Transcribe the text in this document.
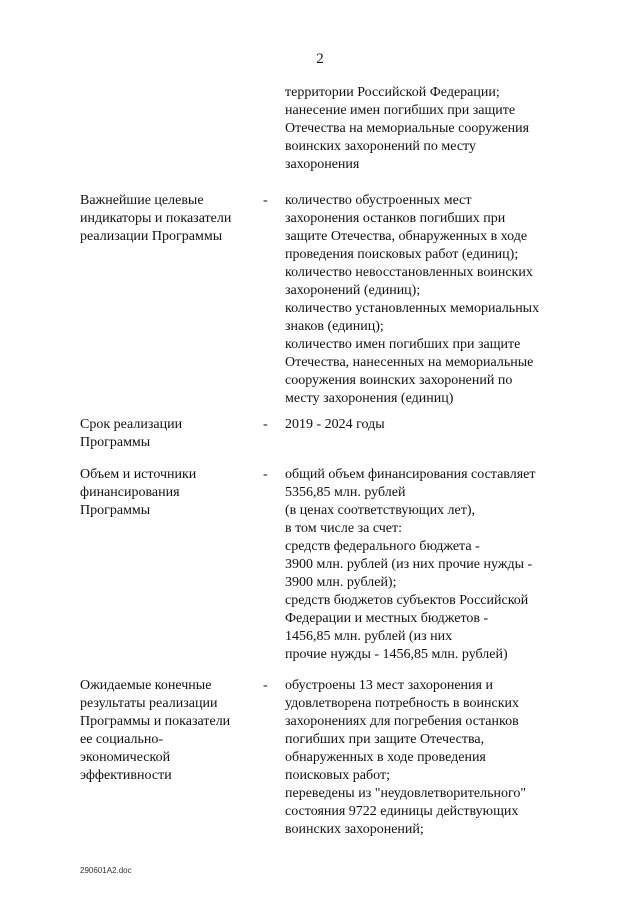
2
территории Российской Федерации;
нанесение имен погибших при защите
Отечества на мемориальные сооружения
воинских захоронений по месту
захоронения
Важнейшие целевые
индикаторы и показатели
реализации Программы
- количество обустроенных мест
захоронения останков погибших при
защите Отечества, обнаруженных в ходе
проведения поисковых работ (единиц);
количество невосстановленных воинских
захоронений (единиц);
количество установленных мемориальных
знаков (единиц);
количество имен погибших при защите
Отечества, нанесенных на мемориальные
сооружения воинских захоронений по
месту захоронения (единиц)
Срок реализации
Программы
- 2019 - 2024 годы
Объем и источники
финансирования
Программы
- общий объем финансирования составляет
5356,85 млн. рублей
(в ценах соответствующих лет),
в том числе за счет:
средств федерального бюджета -
3900 млн. рублей (из них прочие нужды -
3900 млн. рублей);
средств бюджетов субъектов Российской
Федерации и местных бюджетов -
1456,85 млн. рублей (из них
прочие нужды - 1456,85 млн. рублей)
Ожидаемые конечные
результаты реализации
Программы и показатели
ее социально-
экономической
эффективности
- обустроены 13 мест захоронения и
удовлетворена потребность в воинских
захоронениях для погребения останков
погибших при защите Отечества,
обнаруженных в ходе проведения
поисковых работ;
переведены из "неудовлетворительного"
состояния 9722 единицы действующих
воинских захоронений;
290601A2.doc
